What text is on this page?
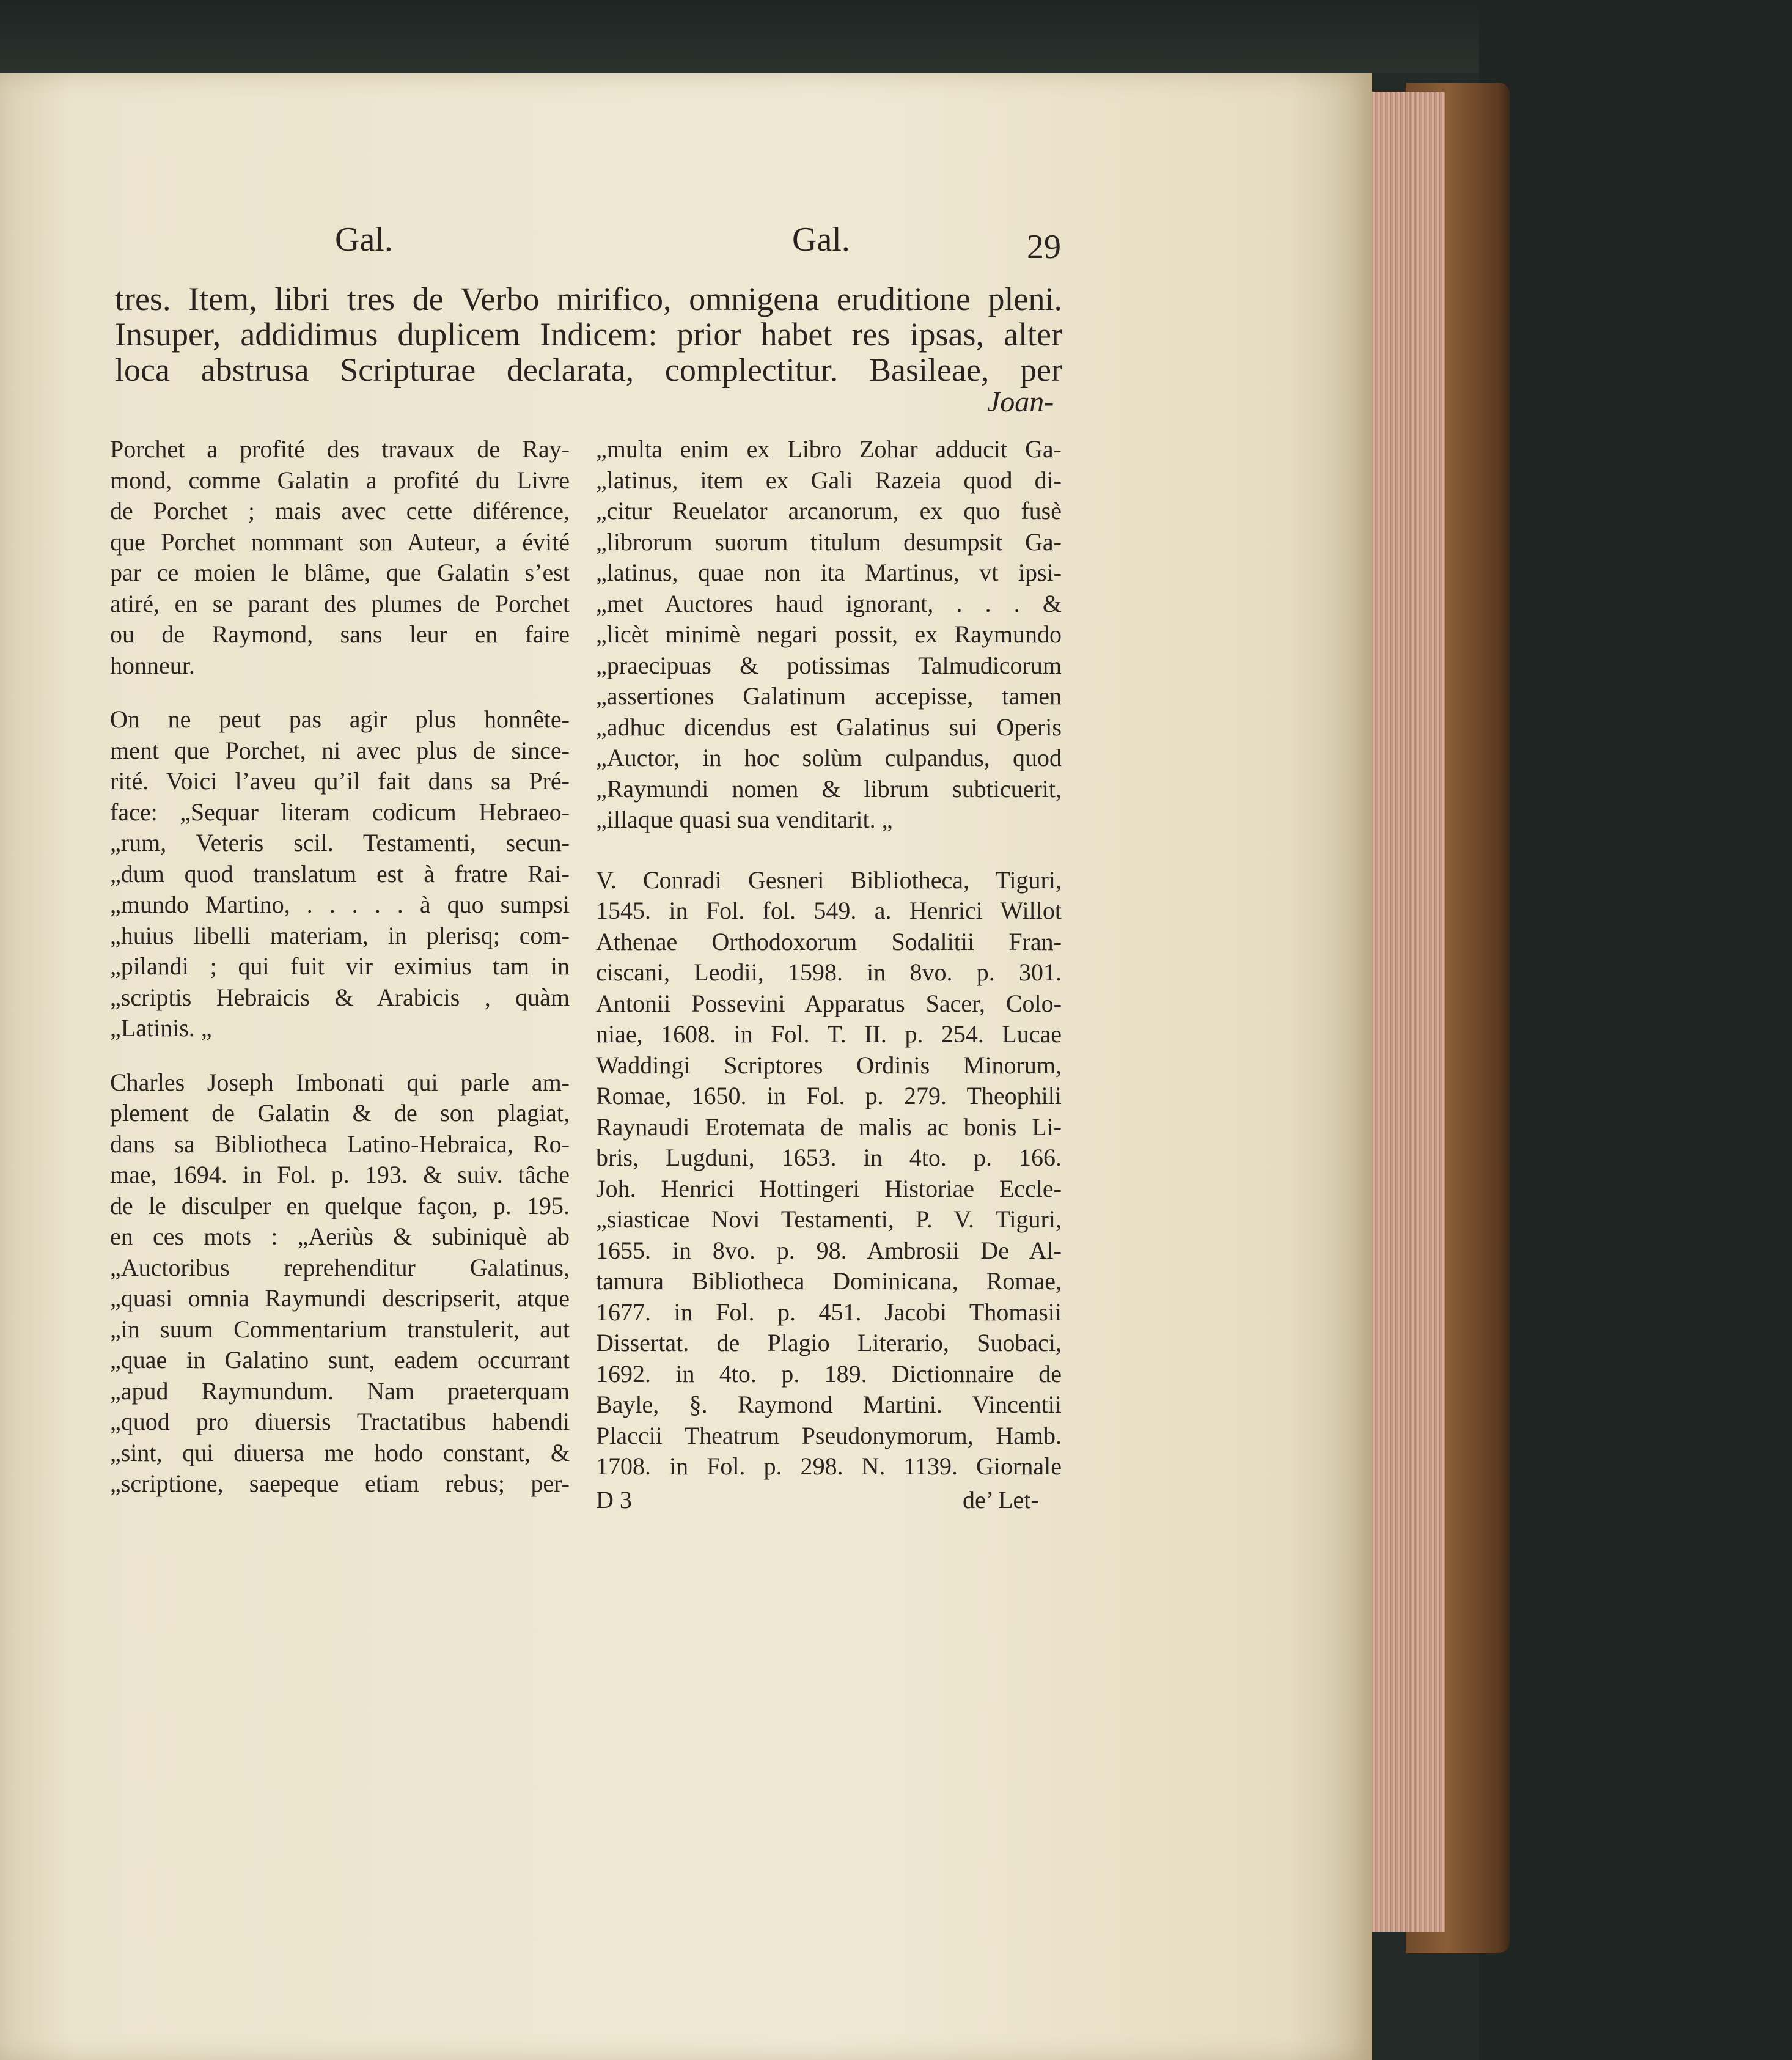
Gal.	Gal.	29
tres. Item, libri tres de Verbo mirifico, omnigena eruditione pleni.
Insuper, addidimus duplicem Indicem: prior habet res ipsas, alter
loca abstrusa Scripturae declarata, complectitur. Basileae, per
Joan-

Porchet a profité des travaux de Ray-
mond, comme Galatin a profité du Livre
de Porchet ; mais avec cette diférence,
que Porchet nommant son Auteur, a évité
par ce moien le blâme, que Galatin s’est
atiré, en se parant des plumes de Porchet
ou de Raymond, sans leur en faire
honneur.

On ne peut pas agir plus honnête-
ment que Porchet, ni avec plus de since-
rité. Voici l’aveu qu’il fait dans sa Pré-
face: „Sequar literam codicum Hebraeo-
„rum, Veteris scil. Testamenti, secun-
„dum quod translatum est à fratre Rai-
„mundo Martino, . . . . . à quo sumpsi
„huius libelli materiam, in plerisq; com-
„pilandi ; qui fuit vir eximius tam in
„scriptis Hebraicis & Arabicis , quàm
„Latinis. „

Charles Joseph Imbonati qui parle am-
plement de Galatin & de son plagiat,
dans sa Bibliotheca Latino-Hebraica, Ro-
mae, 1694. in Fol. p. 193. & suiv. tâche
de le disculper en quelque façon, p. 195.
en ces mots : „Aeriùs & subiniquè ab
„Auctoribus reprehenditur Galatinus,
„quasi omnia Raymundi descripserit, atque
„in suum Commentarium transtulerit, aut
„quae in Galatino sunt, eadem occurrant
„apud Raymundum. Nam praeterquam
„quod pro diuersis Tractatibus habendi
„sint, qui diuersa me hodo constant, &
„scriptione, saepeque etiam rebus; per-

„multa enim ex Libro Zohar adducit Ga-
„latinus, item ex Gali Razeia quod di-
„citur Reuelator arcanorum, ex quo fusè
„librorum suorum titulum desumpsit Ga-
„latinus, quae non ita Martinus, vt ipsi-
„met Auctores haud ignorant, . . . &
„licèt minimè negari possit, ex Raymundo
„praecipuas & potissimas Talmudicorum
„assertiones Galatinum accepisse, tamen
„adhuc dicendus est Galatinus sui Operis
„Auctor, in hoc solùm culpandus, quod
„Raymundi nomen & librum subticuerit,
„illaque quasi sua venditarit. „

V. Conradi Gesneri Bibliotheca, Tiguri,
1545. in Fol. fol. 549. a. Henrici Willot
Athenae Orthodoxorum Sodalitii Fran-
ciscani, Leodii, 1598. in 8vo. p. 301.
Antonii Possevini Apparatus Sacer, Colo-
niae, 1608. in Fol. T. II. p. 254. Lucae
Waddingi Scriptores Ordinis Minorum,
Romae, 1650. in Fol. p. 279. Theophili
Raynaudi Erotemata de malis ac bonis Li-
bris, Lugduni, 1653. in 4to. p. 166.
Joh. Henrici Hottingeri Historiae Eccle-
„siasticae Novi Testamenti, P. V. Tiguri,
1655. in 8vo. p. 98. Ambrosii De Al-
tamura Bibliotheca Dominicana, Romae,
1677. in Fol. p. 451. Jacobi Thomasii
Dissertat. de Plagio Literario, Suobaci,
1692. in 4to. p. 189. Dictionnaire de
Bayle, §. Raymond Martini. Vincentii
Placcii Theatrum Pseudonymorum, Hamb.
1708. in Fol. p. 298. N. 1139. Giornale

D 3	de’ Let-
